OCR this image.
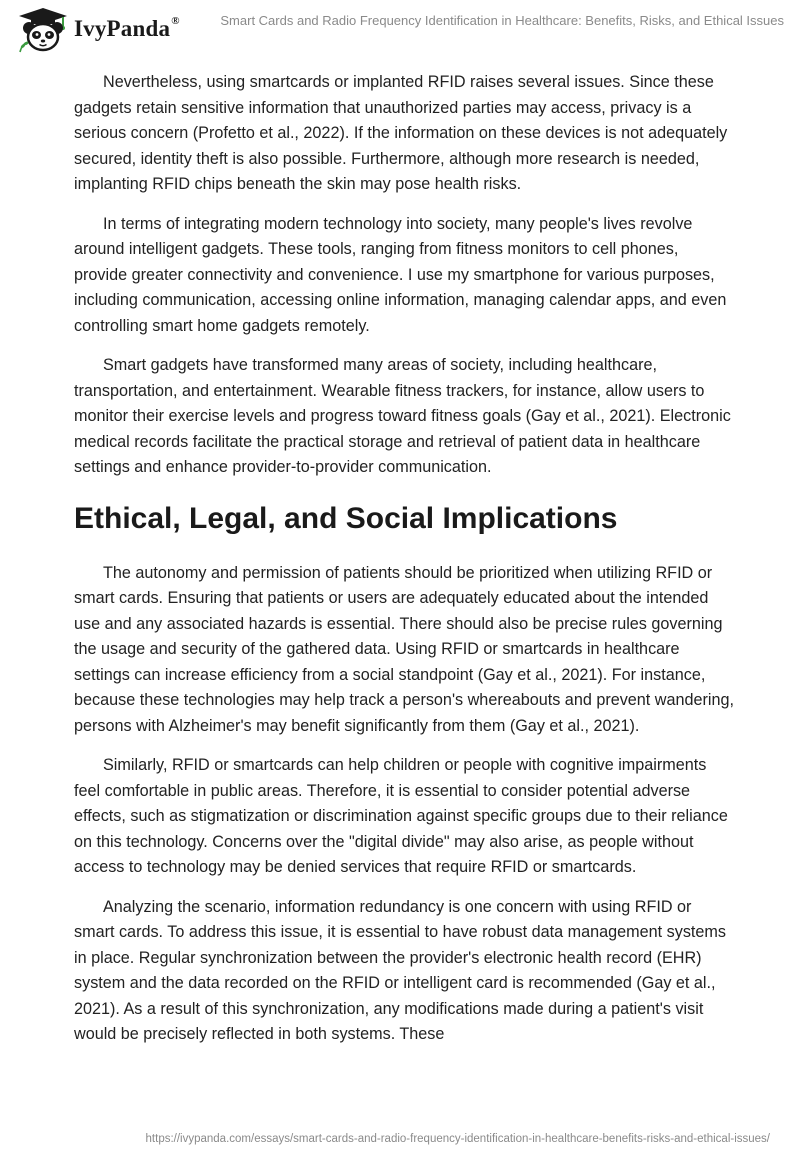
IvyPanda®	Smart Cards and Radio Frequency Identification in Healthcare: Benefits, Risks, and Ethical Issues

Nevertheless, using smartcards or implanted RFID raises several issues. Since these gadgets retain sensitive information that unauthorized parties may access, privacy is a serious concern (Profetto et al., 2022). If the information on these devices is not adequately secured, identity theft is also possible. Furthermore, although more research is needed, implanting RFID chips beneath the skin may pose health risks.

In terms of integrating modern technology into society, many people's lives revolve around intelligent gadgets. These tools, ranging from fitness monitors to cell phones, provide greater connectivity and convenience. I use my smartphone for various purposes, including communication, accessing online information, managing calendar apps, and even controlling smart home gadgets remotely.

Smart gadgets have transformed many areas of society, including healthcare, transportation, and entertainment. Wearable fitness trackers, for instance, allow users to monitor their exercise levels and progress toward fitness goals (Gay et al., 2021). Electronic medical records facilitate the practical storage and retrieval of patient data in healthcare settings and enhance provider-to-provider communication.

Ethical, Legal, and Social Implications

The autonomy and permission of patients should be prioritized when utilizing RFID or smart cards. Ensuring that patients or users are adequately educated about the intended use and any associated hazards is essential. There should also be precise rules governing the usage and security of the gathered data. Using RFID or smartcards in healthcare settings can increase efficiency from a social standpoint (Gay et al., 2021). For instance, because these technologies may help track a person's whereabouts and prevent wandering, persons with Alzheimer's may benefit significantly from them (Gay et al., 2021).

Similarly, RFID or smartcards can help children or people with cognitive impairments feel comfortable in public areas. Therefore, it is essential to consider potential adverse effects, such as stigmatization or discrimination against specific groups due to their reliance on this technology. Concerns over the "digital divide" may also arise, as people without access to technology may be denied services that require RFID or smartcards.

Analyzing the scenario, information redundancy is one concern with using RFID or smart cards. To address this issue, it is essential to have robust data management systems in place. Regular synchronization between the provider's electronic health record (EHR) system and the data recorded on the RFID or intelligent card is recommended (Gay et al., 2021). As a result of this synchronization, any modifications made during a patient's visit would be precisely reflected in both systems. These

https://ivypanda.com/essays/smart-cards-and-radio-frequency-identification-in-healthcare-benefits-risks-and-ethical-issues/
